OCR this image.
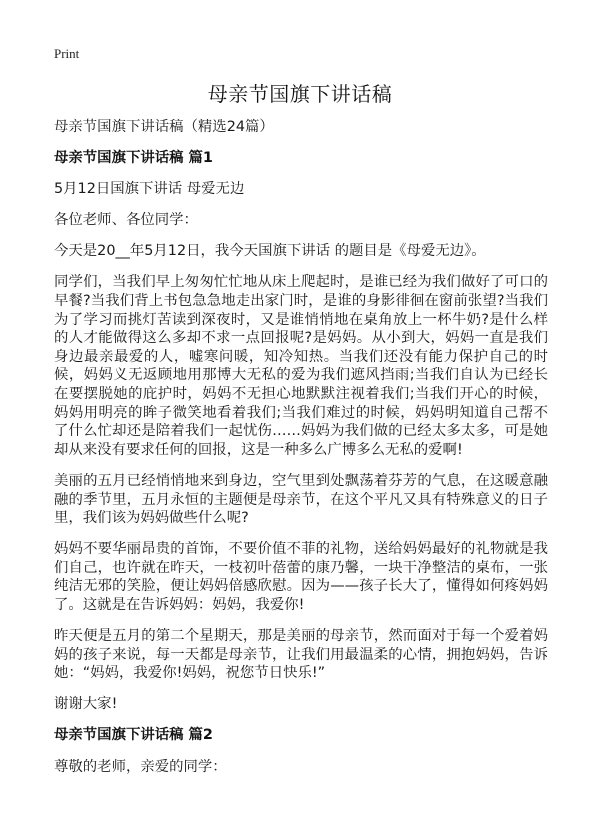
Print
母亲节国旗下讲话稿

母亲节国旗下讲话稿（精选24篇）

母亲节国旗下讲话稿 篇1

5月12日国旗下讲话 母爱无边

各位老师、各位同学：

今天是20__年5月12日，我今天国旗下讲话 的题目是《母爱无边》。

同学们，当我们早上匆匆忙忙地从床上爬起时，是谁已经为我们做好了可口的早餐?当我们背上书包急急地走出家门时，是谁的身影徘徊在窗前张望?当我们为了学习而挑灯苦读到深夜时，又是谁悄悄地在桌角放上一杯牛奶?是什么样的人才能做得这么多却不求一点回报呢?是妈妈。从小到大，妈妈一直是我们身边最亲最爱的人，嘘寒问暖，知冷知热。当我们还没有能力保护自己的时候，妈妈义无返顾地用那博大无私的爱为我们遮风挡雨;当我们自认为已经长在要摆脱她的庇护时，妈妈不无担心地默默注视着我们;当我们开心的时候，妈妈用明亮的眸子微笑地看着我们;当我们难过的时候，妈妈明知道自己帮不了什么忙却还是陪着我们一起忧伤……妈妈为我们做的已经太多太多，可是她却从来没有要求任何的回报，这是一种多么广博多么无私的爱啊!

美丽的五月已经悄悄地来到身边，空气里到处飘荡着芬芳的气息，在这暖意融融的季节里，五月永恒的主题便是母亲节，在这个平凡又具有特殊意义的日子里，我们该为妈妈做些什么呢?

妈妈不要华丽昂贵的首饰，不要价值不菲的礼物，送给妈妈最好的礼物就是我们自己，也许就在昨天，一枝初叶蓓蕾的康乃馨，一块干净整洁的桌布，一张纯洁无邪的笑脸，便让妈妈倍感欣慰。因为——孩子长大了，懂得如何疼妈妈了。这就是在告诉妈妈：妈妈，我爱你!

昨天便是五月的第二个星期天，那是美丽的母亲节，然而面对于每一个爱着妈妈的孩子来说，每一天都是母亲节，让我们用最温柔的心情，拥抱妈妈，告诉她：“妈妈，我爱你!妈妈，祝您节日快乐!”

谢谢大家!

母亲节国旗下讲话稿 篇2

尊敬的老师，亲爱的同学：
